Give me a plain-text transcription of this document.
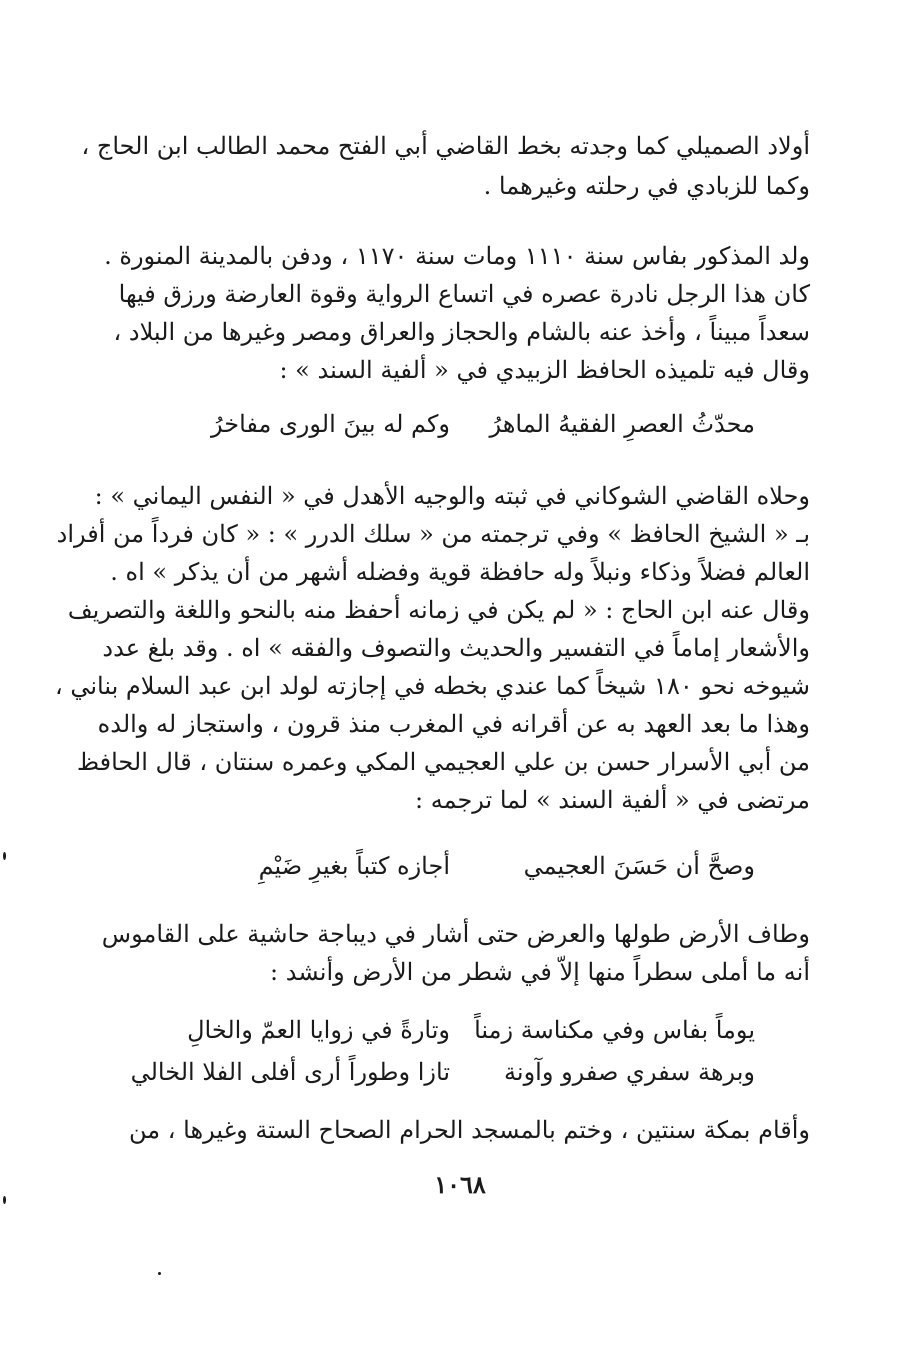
أولاد الصميلي كما وجدته بخط القاضي أبي الفتح محمد الطالب ابن الحاج ،
وكما للزبادي في رحلته وغيرهما .
ولد المذكور بفاس سنة ١١١٠ ومات سنة ١١٧٠ ، ودفن بالمدينة المنورة .
كان هذا الرجل نادرة عصره في اتساع الرواية وقوة العارضة ورزق فيها
سعداً مبيناً ، وأخذ عنه بالشام والحجاز والعراق ومصر وغيرها من البلاد ،
وقال فيه تلميذه الحافظ الزبيدي في « ألفية السند » :
محدّثُ العصرِ الفقيهُ الماهرُ
وكم له بينَ الورى مفاخرُ
وحلاه القاضي الشوكاني في ثبته والوجيه الأهدل في « النفس اليماني » :
بـ « الشيخ الحافظ » وفي ترجمته من « سلك الدرر » : « كان فرداً من أفراد
العالم فضلاً وذكاء ونبلاً وله حافظة قوية وفضله أشهر من أن يذكر » اه .
وقال عنه ابن الحاج : « لم يكن في زمانه أحفظ منه بالنحو واللغة والتصريف
والأشعار إماماً في التفسير والحديث والتصوف والفقه » اه . وقد بلغ عدد
شيوخه نحو ١٨٠ شيخاً كما عندي بخطه في إجازته لولد ابن عبد السلام بناني ،
وهذا ما بعد العهد به عن أقرانه في المغرب منذ قرون ، واستجاز له والده
من أبي الأسرار حسن بن علي العجيمي المكي وعمره سنتان ، قال الحافظ
مرتضى في « ألفية السند » لما ترجمه :
وصحَّ أن حَسَنَ العجيمي
أجازه كتباً بغيرِ ضَيْمِ
وطاف الأرض طولها والعرض حتى أشار في ديباجة حاشية على القاموس
أنه ما أملى سطراً منها إلاّ في شطر من الأرض وأنشد :
يوماً بفاس وفي مكناسة زمناً
وتارةً في زوايا العمّ والخالِ
وبرهة سفري صفرو وآونة
تازا وطوراً أرى أفلى الفلا الخالي
وأقام بمكة سنتين ، وختم بالمسجد الحرام الصحاح الستة وغيرها ، من
١٠٦٨
